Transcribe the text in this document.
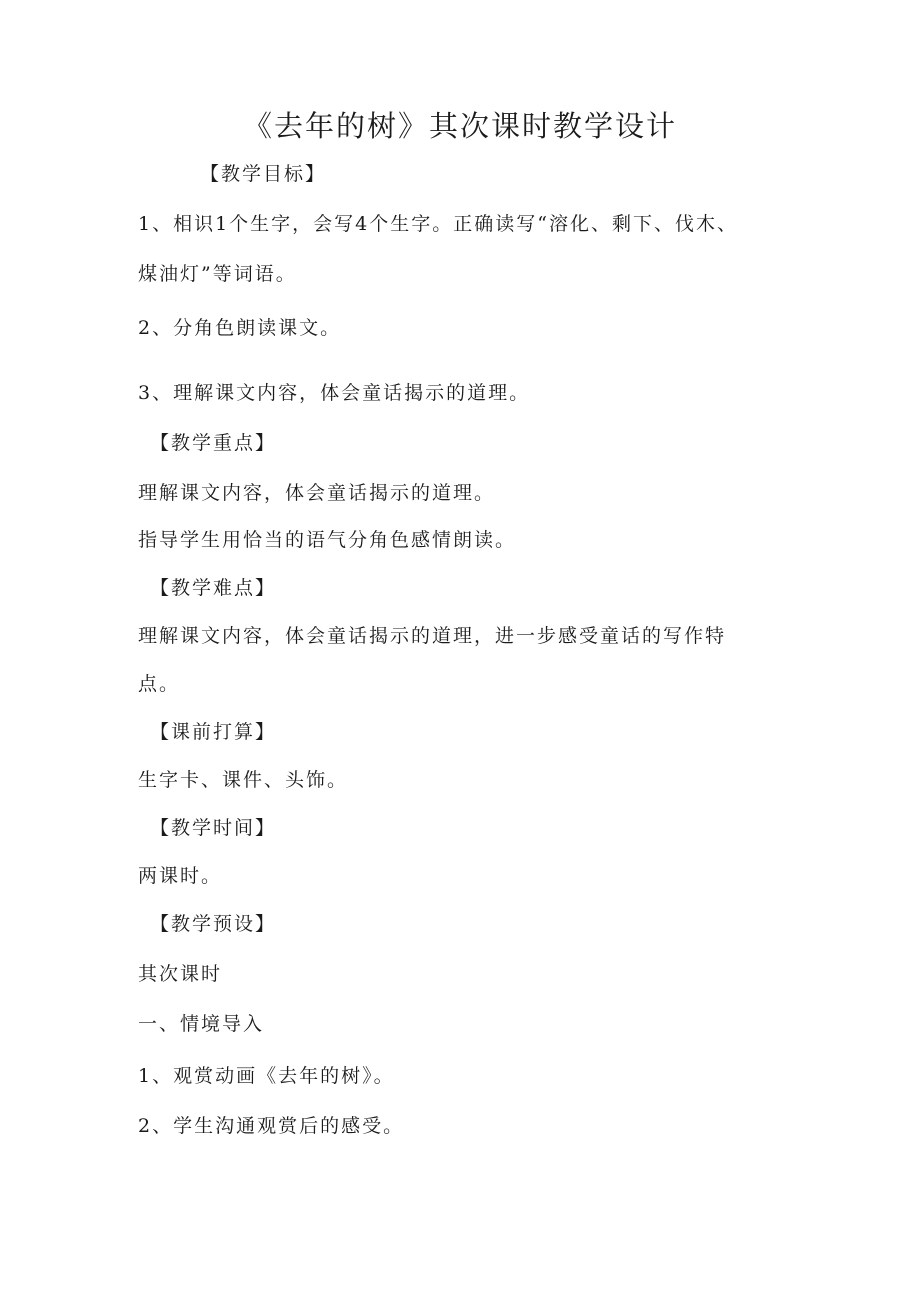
《去年的树》其次课时教学设计
【教学目标】
1、相识1个生字，会写4个生字。正确读写“溶化、剩下、伐木、
煤油灯”等词语。
2、分角色朗读课文。
3、理解课文内容，体会童话揭示的道理。
【教学重点】
理解课文内容，体会童话揭示的道理。
指导学生用恰当的语气分角色感情朗读。
【教学难点】
理解课文内容，体会童话揭示的道理，进一步感受童话的写作特
点。
【课前打算】
生字卡、课件、头饰。
【教学时间】
两课时。
【教学预设】
其次课时
一、情境导入
1、观赏动画《去年的树》。
2、学生沟通观赏后的感受。
